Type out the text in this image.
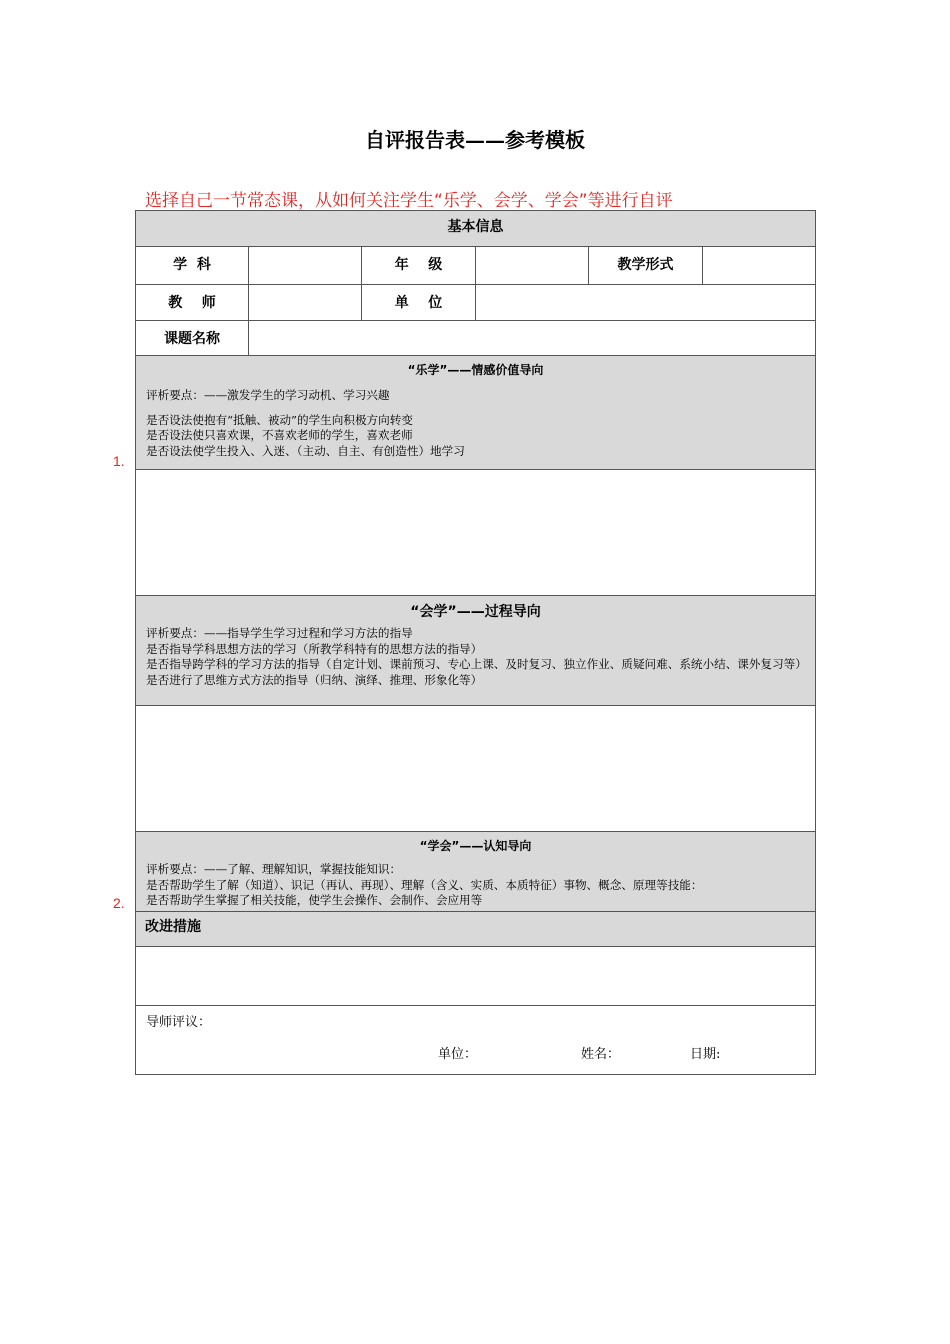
自评报告表——参考模板
选择自己一节常态课，从如何关注学生“乐学、会学、学会”等进行自评
1.
2.
基本信息					
学  科		年    级		教学形式	
教    师		单    位			
课题名称					

“乐学”——情感价值导向
评析要点：——激发学生的学习动机、学习兴趣
是否设法使抱有“抵触、被动”的学生向积极方向转变
是否设法使只喜欢课，不喜欢老师的学生，喜欢老师
是否设法使学生投入、入迷、（主动、自主、有创造性）地学习					

“会学”——过程导向
评析要点：——指导学生学习过程和学习方法的指导
是否指导学科思想方法的学习（所教学科特有的思想方法的指导）
是否指导跨学科的学习方法的指导（自定计划、课前预习、专心上课、及时复习、独立作业、质疑问难、系统小结、课外复习等）
是否进行了思维方式方法的指导（归纳、演绎、推理、形象化等）					

“学会”——认知导向
评析要点：——了解、理解知识，掌握技能知识：
是否帮助学生了解（知道）、识记（再认、再现）、理解（含义、实质、本质特征）事物、概念、原理等技能：
是否帮助学生掌握了相关技能，使学生会操作、会制作、会应用等					

改进措施					

导师评议：
单位： 姓名： 日期:					
